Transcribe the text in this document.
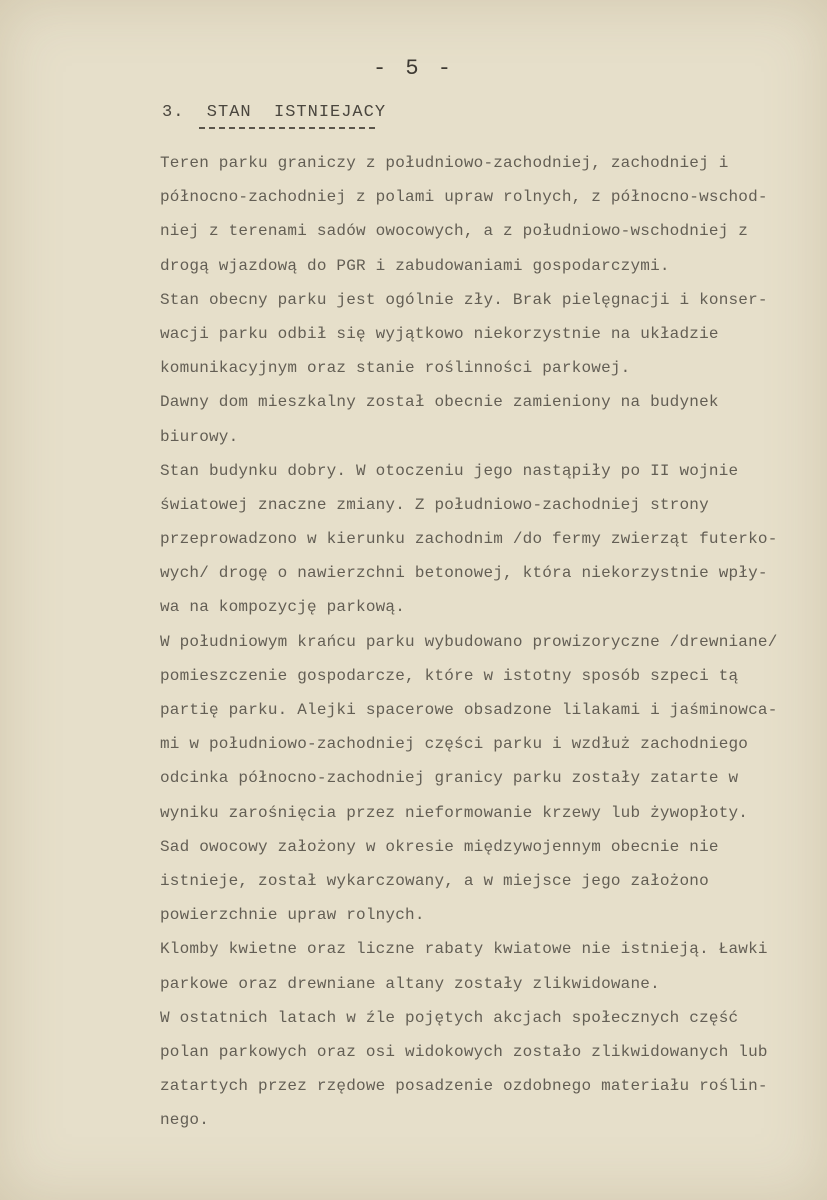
- 5 -
3.  STAN  ISTNIEJACY
Teren parku graniczy z południowo-zachodniej, zachodniej i
północno-zachodniej z polami upraw rolnych, z północno-wschod-
niej z terenami sadów owocowych, a z południowo-wschodniej z
drogą wjazdową do PGR i zabudowaniami gospodarczymi.
Stan obecny parku jest ogólnie zły. Brak pielęgnacji i konser-
wacji parku odbił się wyjątkowo niekorzystnie na układzie
komunikacyjnym oraz stanie roślinności parkowej.
Dawny dom mieszkalny został obecnie zamieniony na budynek
biurowy.
Stan budynku dobry. W otoczeniu jego nastąpiły po II wojnie
światowej znaczne zmiany. Z południowo-zachodniej strony
przeprowadzono w kierunku zachodnim /do fermy zwierząt futerko-
wych/ drogę o nawierzchni betonowej, która niekorzystnie wpły-
wa na kompozycję parkową.
W południowym krańcu parku wybudowano prowizoryczne /drewniane/
pomieszczenie gospodarcze, które w istotny sposób szpeci tą
partię parku. Alejki spacerowe obsadzone lilakami i jaśminowca-
mi w południowo-zachodniej części parku i wzdłuż zachodniego
odcinka północno-zachodniej granicy parku zostały zatarte w
wyniku zarośnięcia przez nieformowanie krzewy lub żywopłoty.
Sad owocowy założony w okresie międzywojennym obecnie nie
istnieje, został wykarczowany, a w miejsce jego założono
powierzchnie upraw rolnych.
Klomby kwietne oraz liczne rabaty kwiatowe nie istnieją. Ławki
parkowe oraz drewniane altany zostały zlikwidowane.
W ostatnich latach w źle pojętych akcjach społecznych część
polan parkowych oraz osi widokowych zostało zlikwidowanych lub
zatartych przez rzędowe posadzenie ozdobnego materiału roślin-
nego.
